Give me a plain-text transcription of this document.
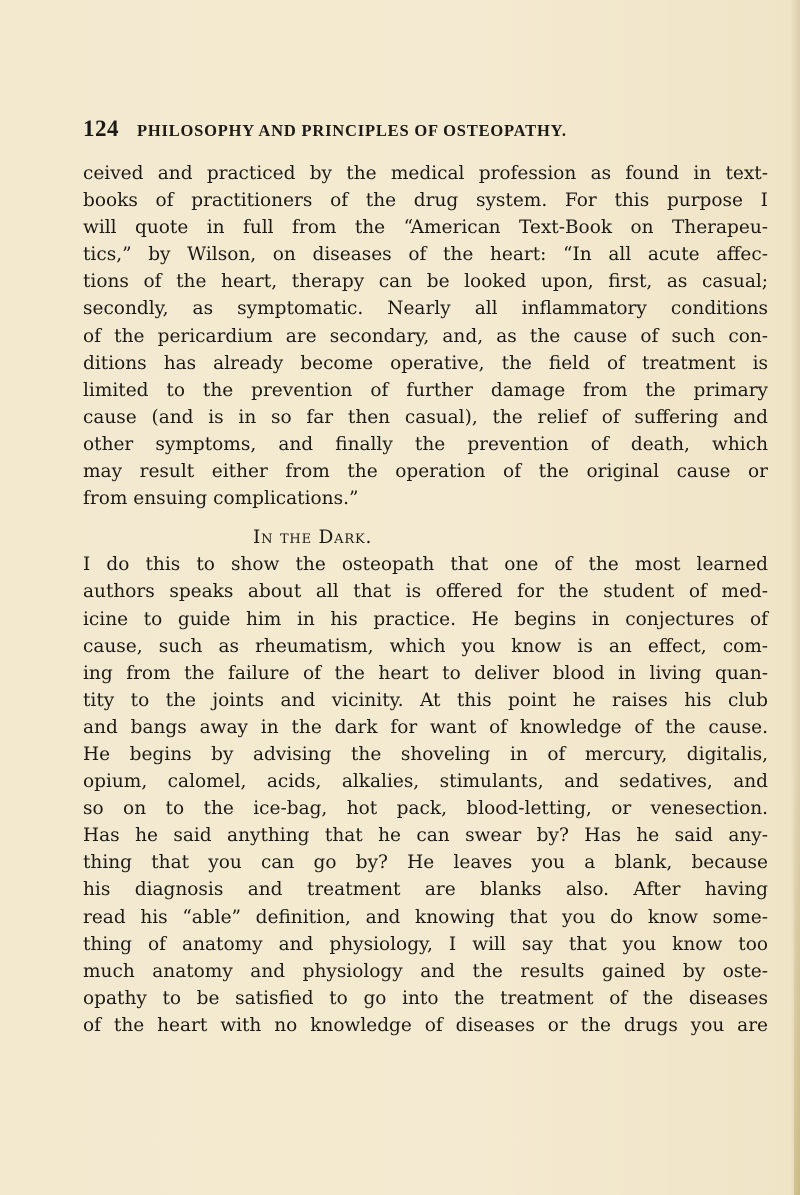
124 PHILOSOPHY AND PRINCIPLES OF OSTEOPATHY.
ceived and practiced by the medical profession as found in text-
books of practitioners of the drug system. For this purpose I
will quote in full from the “American Text-Book on Therapeu-
tics,” by Wilson, on diseases of the heart: “In all acute affec-
tions of the heart, therapy can be looked upon, first, as casual;
secondly, as symptomatic. Nearly all inflammatory conditions
of the pericardium are secondary, and, as the cause of such con-
ditions has already become operative, the field of treatment is
limited to the prevention of further damage from the primary
cause (and is in so far then casual), the relief of suffering and
other symptoms, and finally the prevention of death, which
may result either from the operation of the original cause or
from ensuing complications.”
In the Dark.
I do this to show the osteopath that one of the most learned
authors speaks about all that is offered for the student of med-
icine to guide him in his practice. He begins in conjectures of
cause, such as rheumatism, which you know is an effect, com-
ing from the failure of the heart to deliver blood in living quan-
tity to the joints and vicinity. At this point he raises his club
and bangs away in the dark for want of knowledge of the cause.
He begins by advising the shoveling in of mercury, digitalis,
opium, calomel, acids, alkalies, stimulants, and sedatives, and
so on to the ice-bag, hot pack, blood-letting, or venesection.
Has he said anything that he can swear by? Has he said any-
thing that you can go by? He leaves you a blank, because
his diagnosis and treatment are blanks also. After having
read his “able” definition, and knowing that you do know some-
thing of anatomy and physiology, I will say that you know too
much anatomy and physiology and the results gained by oste-
opathy to be satisfied to go into the treatment of the diseases
of the heart with no knowledge of diseases or the drugs you are
